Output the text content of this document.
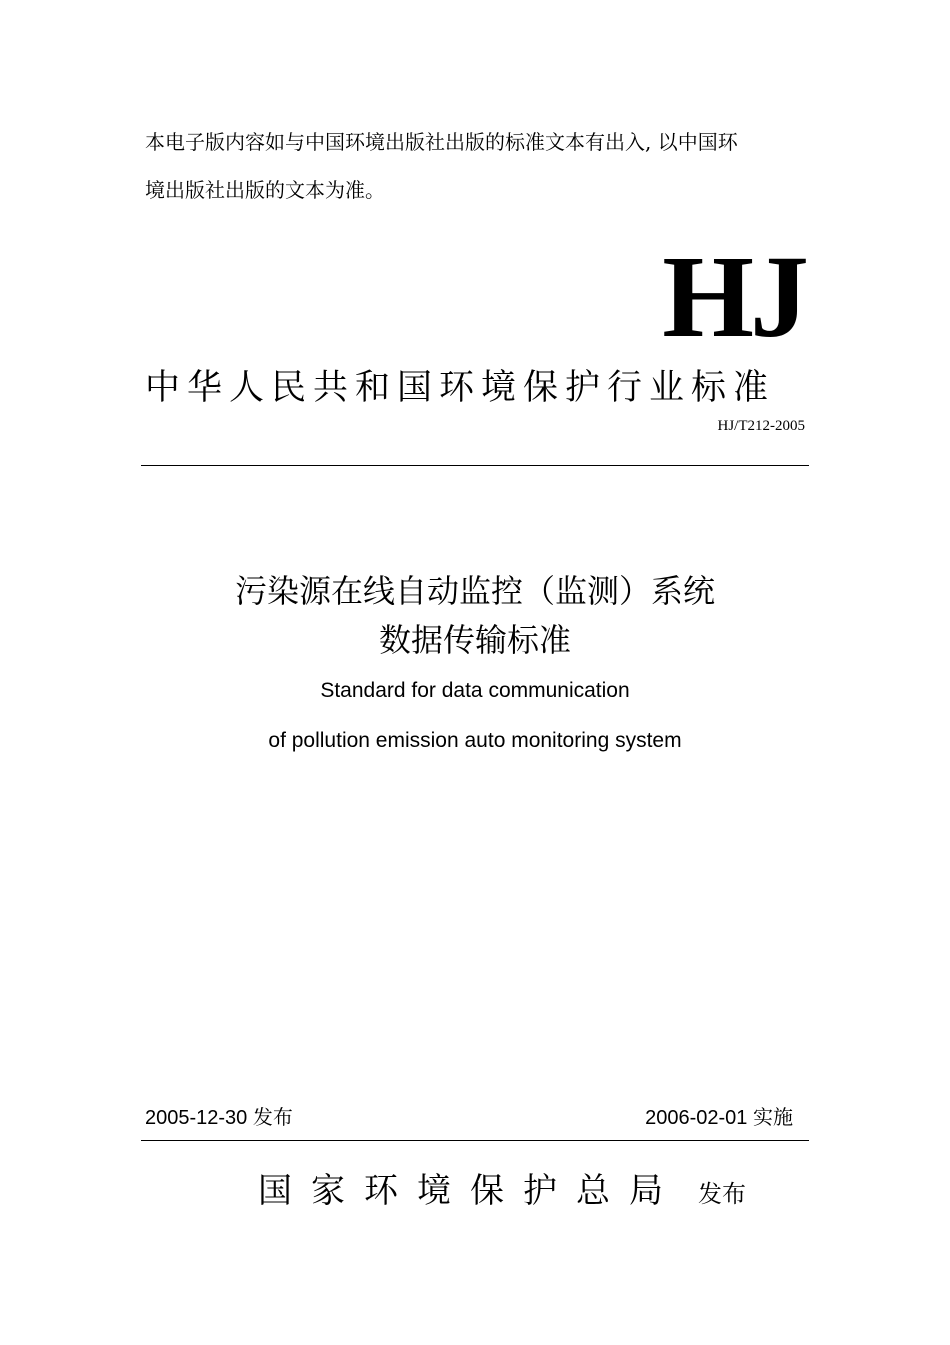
本电子版内容如与中国环境出版社出版的标准文本有出入, 以中国环
境出版社出版的文本为准。
HJ
中华人民共和国环境保护行业标准
HJ/T212-2005
污染源在线自动监控（监测）系统
数据传输标准
Standard for data communication
of pollution emission auto monitoring system
2005-12-30 发布	2006-02-01 实施
国家环境保护总局 发布
